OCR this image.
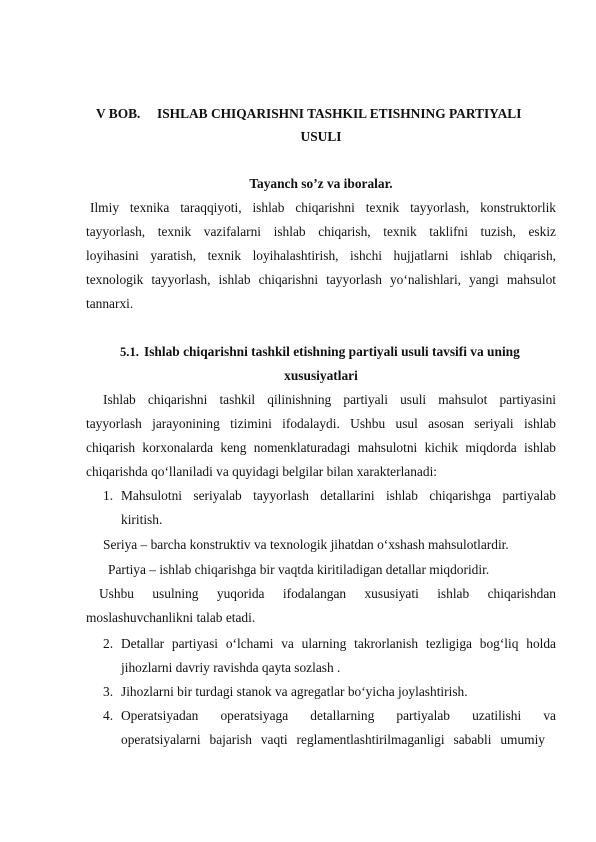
V BOB. ISHLAB CHIQARISHNI TASHKIL ETISHNING PARTIYALI
USULI
Tayanch so’z va iboralar.
Ilmiy texnika taraqqiyoti, ishlab chiqarishni texnik tayyorlash, konstruktorlik
tayyorlash, texnik vazifalarni ishlab chiqarish, texnik taklifni tuzish, eskiz
loyihasini yaratish, texnik loyihalashtirish, ishchi hujjatlarni ishlab chiqarish,
texnologik tayyorlash, ishlab chiqarishni tayyorlash yo‘nalishlari, yangi mahsulot
tannarxi.
5.1. Ishlab chiqarishni tashkil etishning partiyali usuli tavsifi va uning
xususiyatlari
Ishlab chiqarishni tashkil qilinishning partiyali usuli mahsulot partiyasini
tayyorlash jarayonining tizimini ifodalaydi. Ushbu usul asosan seriyali ishlab
chiqarish korxonalarda keng nomenklaturadagi mahsulotni kichik miqdorda ishlab
chiqarishda qo‘llaniladi va quyidagi belgilar bilan xarakterlanadi:
1. Mahsulotni seriyalab tayyorlash detallarini ishlab chiqarishga partiyalab
kiritish.
Seriya – barcha konstruktiv va texnologik jihatdan o‘xshash mahsulotlardir.
Partiya – ishlab chiqarishga bir vaqtda kiritiladigan detallar miqdoridir.
Ushbu usulning yuqorida ifodalangan xususiyati ishlab chiqarishdan
moslashuvchanlikni talab etadi.
2. Detallar partiyasi o‘lchami va ularning takrorlanish tezligiga bog‘liq holda
jihozlarni davriy ravishda qayta sozlash .
3. Jihozlarni bir turdagi stanok va agregatlar bo‘yicha joylashtirish.
4. Operatsiyadan operatsiyaga detallarning partiyalab uzatilishi va
operatsiyalarni bajarish vaqti reglamentlashtirilmaganligi sababli umumiy
